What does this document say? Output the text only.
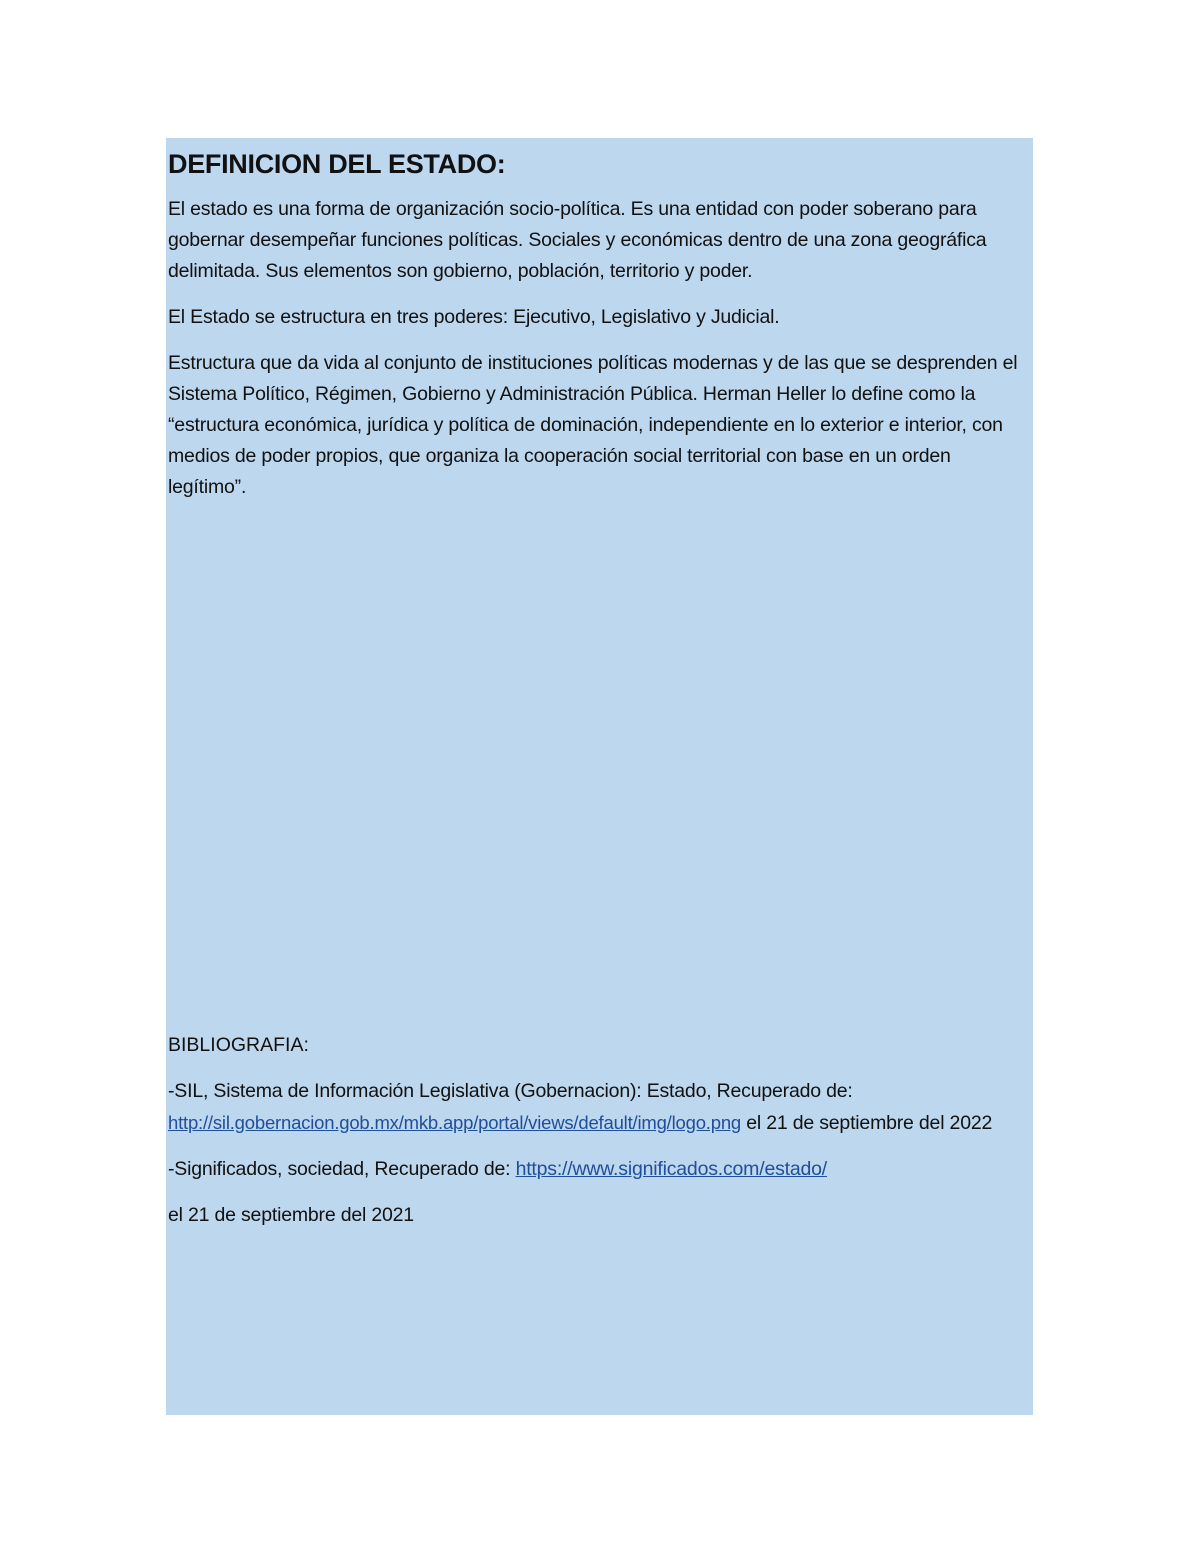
DEFINICION DEL ESTADO:

El estado es una forma de organización socio-política. Es una entidad con poder soberano para gobernar desempeñar funciones políticas. Sociales y económicas dentro de una zona geográfica delimitada. Sus elementos son gobierno, población, territorio y poder.

El Estado se estructura en tres poderes: Ejecutivo, Legislativo y Judicial.

Estructura que da vida al conjunto de instituciones políticas modernas y de las que se desprenden el Sistema Político, Régimen, Gobierno y Administración Pública. Herman Heller lo define como la “estructura económica, jurídica y política de dominación, independiente en lo exterior e interior, con medios de poder propios, que organiza la cooperación social territorial con base en un orden legítimo”.

BIBLIOGRAFIA:

-SIL, Sistema de Información Legislativa (Gobernacion): Estado, Recuperado de:
http://sil.gobernacion.gob.mx/mkb.app/portal/views/default/img/logo.png el 21 de septiembre del 2022

-Significados, sociedad, Recuperado de: https://www.significados.com/estado/

el 21 de septiembre del 2021
